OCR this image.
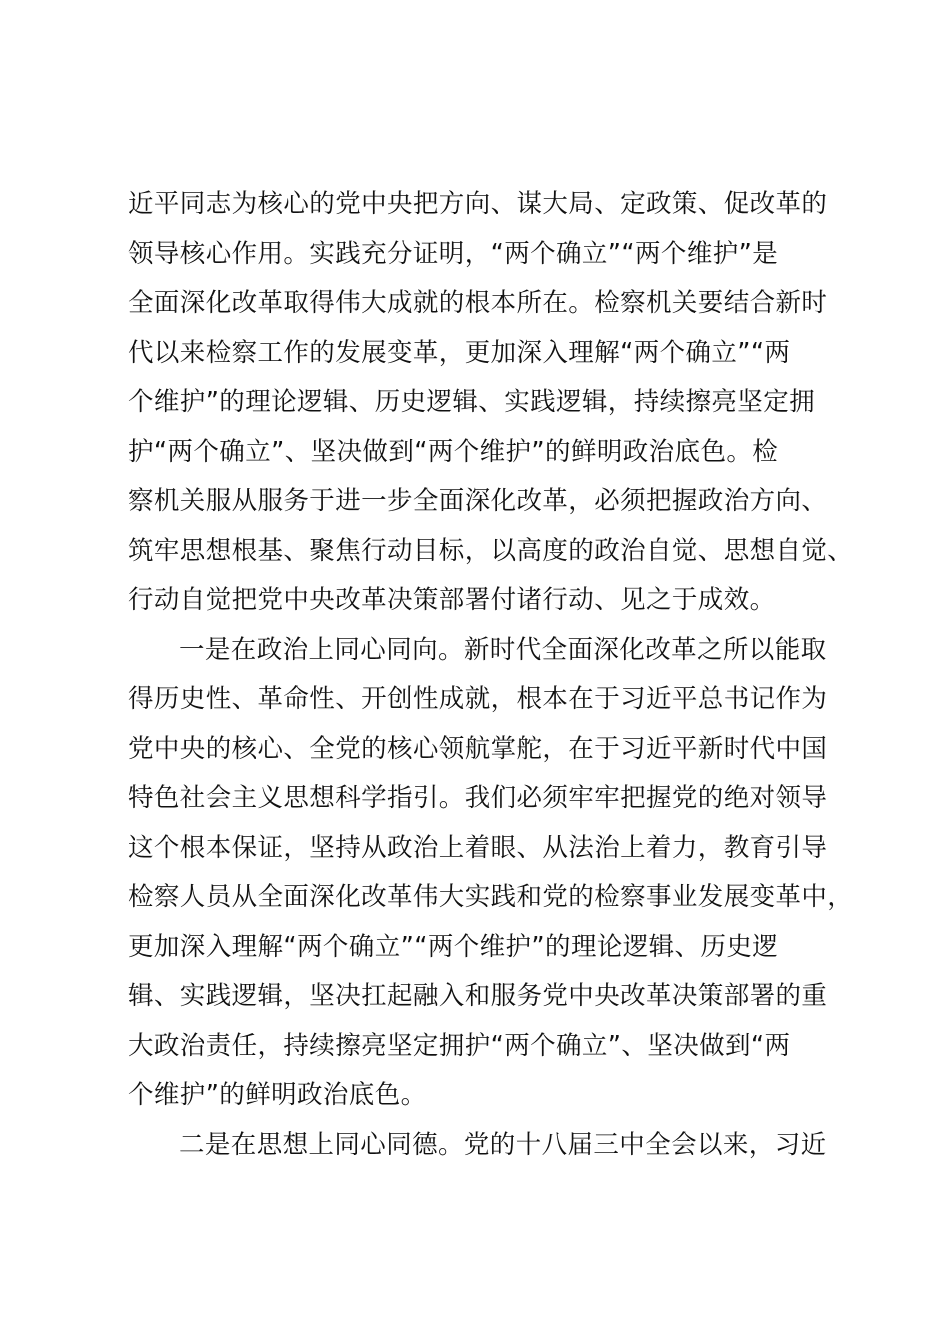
近平同志为核心的党中央把方向、谋大局、定政策、促改革的
领导核心作用。实践充分证明，“两个确立”“两个维护”是
全面深化改革取得伟大成就的根本所在。检察机关要结合新时
代以来检察工作的发展变革，更加深入理解“两个确立”“两
个维护”的理论逻辑、历史逻辑、实践逻辑，持续擦亮坚定拥
护“两个确立”、坚决做到“两个维护”的鲜明政治底色。检
察机关服从服务于进一步全面深化改革，必须把握政治方向、
筑牢思想根基、聚焦行动目标，以高度的政治自觉、思想自觉、
行动自觉把党中央改革决策部署付诸行动、见之于成效。
一是在政治上同心同向。新时代全面深化改革之所以能取
得历史性、革命性、开创性成就，根本在于习近平总书记作为
党中央的核心、全党的核心领航掌舵，在于习近平新时代中国
特色社会主义思想科学指引。我们必须牢牢把握党的绝对领导
这个根本保证，坚持从政治上着眼、从法治上着力，教育引导
检察人员从全面深化改革伟大实践和党的检察事业发展变革中，
更加深入理解“两个确立”“两个维护”的理论逻辑、历史逻
辑、实践逻辑，坚决扛起融入和服务党中央改革决策部署的重
大政治责任，持续擦亮坚定拥护“两个确立”、坚决做到“两
个维护”的鲜明政治底色。
二是在思想上同心同德。党的十八届三中全会以来，习近
